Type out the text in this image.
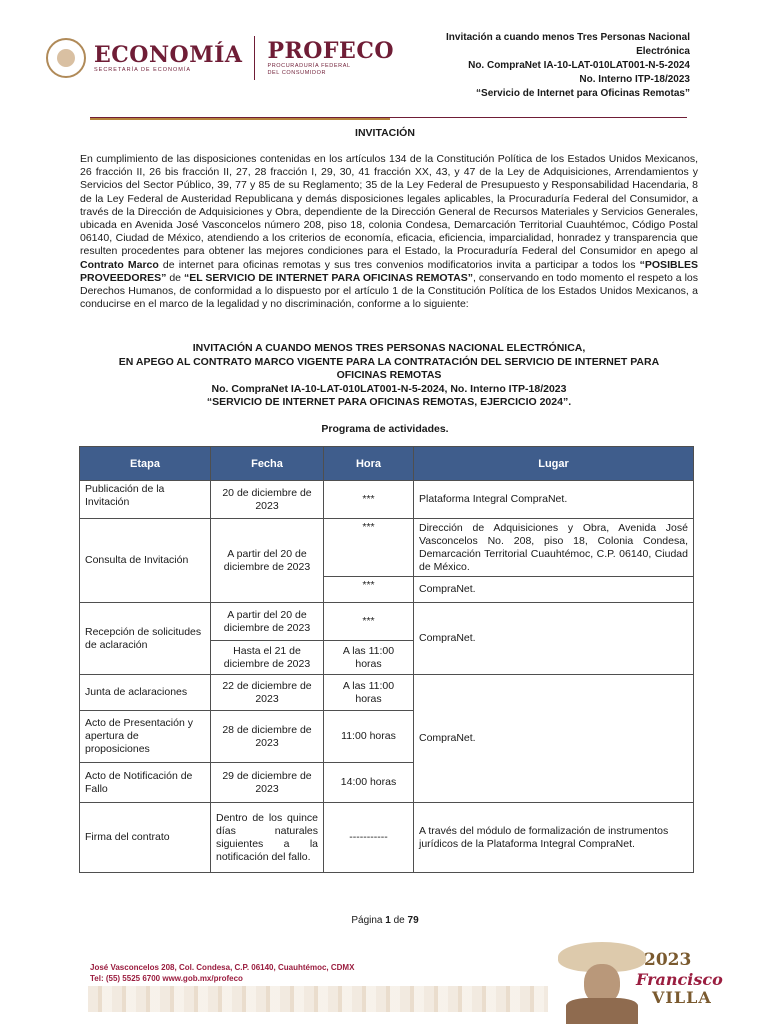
ECONOMÍA
SECRETARÍA DE ECONOMÍA
PROFECO
PROCURADURÍA FEDERAL
DEL CONSUMIDOR
Invitación a cuando menos Tres Personas Nacional
Electrónica
No. CompraNet IA-10-LAT-010LAT001-N-5-2024
No. Interno ITP-18/2023
“Servicio de Internet para Oficinas Remotas”
INVITACIÓN
En cumplimiento de las disposiciones contenidas en los artículos 134 de la Constitución Política de los Estados Unidos Mexicanos, 26 fracción II, 26 bis fracción II, 27, 28 fracción I, 29, 30, 41 fracción XX, 43, y 47 de la Ley de Adquisiciones, Arrendamientos y Servicios del Sector Público, 39, 77 y 85 de su Reglamento; 35 de la Ley Federal de Presupuesto y Responsabilidad Hacendaria, 8 de la Ley Federal de Austeridad Republicana y demás disposiciones legales aplicables, la Procuraduría Federal del Consumidor, a través de la Dirección de Adquisiciones y Obra, dependiente de la Dirección General de Recursos Materiales y Servicios Generales, ubicada en Avenida José Vasconcelos número 208, piso 18, colonia Condesa, Demarcación Territorial Cuauhtémoc, Código Postal 06140, Ciudad de México, atendiendo a los criterios de economía, eficacia, eficiencia, imparcialidad, honradez y transparencia que resulten procedentes para obtener las mejores condiciones para el Estado, la Procuraduría Federal del Consumidor en apego al Contrato Marco de internet para oficinas remotas y sus tres convenios modificatorios invita a participar a todos los “POSIBLES PROVEEDORES” de “EL SERVICIO DE INTERNET PARA OFICINAS REMOTAS”, conservando en todo momento el respeto a los Derechos Humanos, de conformidad a lo dispuesto por el artículo 1 de la Constitución Política de los Estados Unidos Mexicanos, a conducirse en el marco de la legalidad y no discriminación, conforme a lo siguiente:
INVITACIÓN A CUANDO MENOS TRES PERSONAS NACIONAL ELECTRÓNICA,
EN APEGO AL CONTRATO MARCO VIGENTE PARA LA CONTRATACIÓN DEL SERVICIO DE INTERNET PARA
OFICINAS REMOTAS
No. CompraNet IA-10-LAT-010LAT001-N-5-2024, No. Interno ITP-18/2023
“SERVICIO DE INTERNET PARA OFICINAS REMOTAS, EJERCICIO 2024”.
Programa de actividades.
Etapa	Fecha	Hora	Lugar
Publicación de la Invitación	20 de diciembre de 2023	***	Plataforma Integral CompraNet.
Consulta de Invitación	A partir del 20 de diciembre de 2023	***	Dirección de Adquisiciones y Obra, Avenida José Vasconcelos No. 208, piso 18, Colonia Condesa, Demarcación Territorial Cuauhtémoc, C.P. 06140, Ciudad de México.
		***	CompraNet.
Recepción de solicitudes de aclaración	A partir del 20 de diciembre de 2023	***	CompraNet.
	Hasta el 21 de diciembre de 2023	A las 11:00 horas	
Junta de aclaraciones	22 de diciembre de 2023	A las 11:00 horas	CompraNet.
Acto de Presentación y apertura de proposiciones	28 de diciembre de 2023	11:00 horas	
Acto de Notificación de Fallo	29 de diciembre de 2023	14:00 horas	
Firma del contrato	Dentro de los quince días naturales siguientes a la notificación del fallo.	-----------	A través del módulo de formalización de instrumentos jurídicos de la Plataforma Integral CompraNet.
Página 1 de 79
José Vasconcelos 208, Col. Condesa, C.P. 06140, Cuauhtémoc, CDMX
Tel: (55) 5525 6700 www.gob.mx/profeco
2023
Francisco
VILLA
